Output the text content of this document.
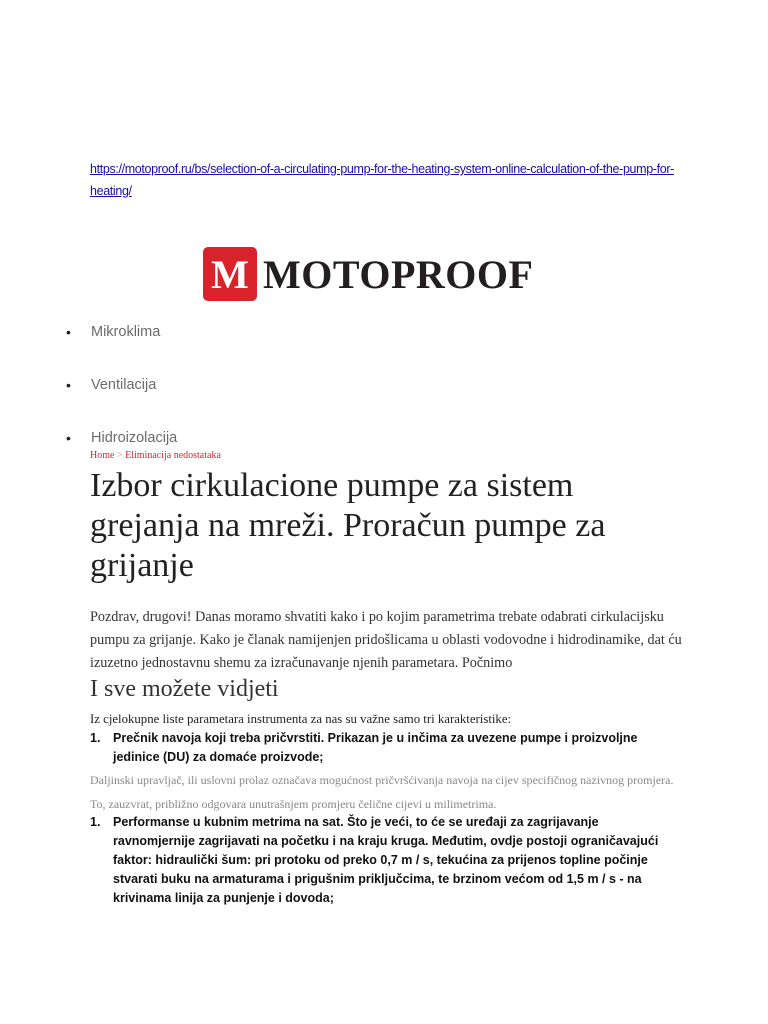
https://motoproof.ru/bs/selection-of-a-circulating-pump-for-the-heating-system-online-calculation-of-the-pump-for-heating/
M MOTOPROOF
• Mikroklima
• Ventilacija
• Hidroizolacija
Home > Eliminacija nedostataka
Izbor cirkulacione pumpe za sistem grejanja na mreži. Proračun pumpe za grijanje

Pozdrav, drugovi! Danas moramo shvatiti kako i po kojim parametrima trebate odabrati cirkulacijsku pumpu za grijanje. Kako je članak namijenjen pridošlicama u oblasti vodovodne i hidrodinamike, dat ću izuzetno jednostavnu shemu za izračunavanje njenih parametara. Počnimo

I sve možete vidjeti
Iz cjelokupne liste parametara instrumenta za nas su važne samo tri karakteristike:
1. Prečnik navoja koji treba pričvrstiti. Prikazan je u inčima za uvezene pumpe i proizvoljne jedinice (DU) za domaće proizvode;
Daljinski upravljač, ili uslovni prolaz označava mogućnost pričvršćivanja navoja na cijev specifičnog nazivnog promjera.
To, zauzvrat, približno odgovara unutrašnjem promjeru čelične cijevi u milimetrima.
1. Performanse u kubnim metrima na sat. Što je veći, to će se uređaji za zagrijavanje ravnomjernije zagrijavati na početku i na kraju kruga. Međutim, ovdje postoji ograničavajući faktor: hidraulički šum: pri protoku od preko 0,7 m / s, tekućina za prijenos topline počinje stvarati buku na armaturama i prigušnim priključcima, te brzinom većom od 1,5 m / s - na krivinama linija za punjenje i dovoda;
